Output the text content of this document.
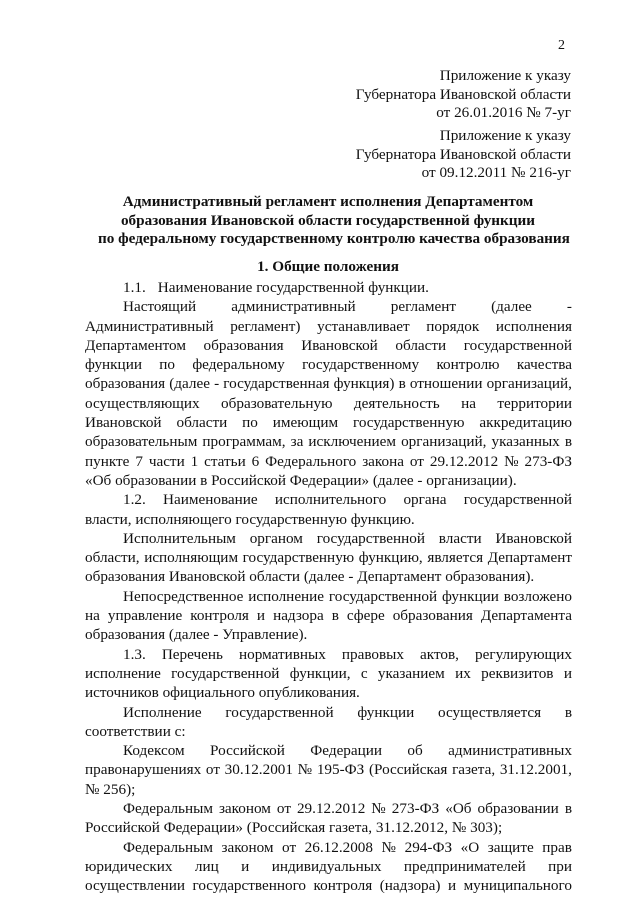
2
Приложение к указу
Губернатора Ивановской области
от 26.01.2016 № 7-уг
Приложение к указу
Губернатора Ивановской области
от 09.12.2011 № 216-уг
Административный регламент исполнения Департаментом
образования Ивановской области государственной функции
по федеральному государственному контролю качества образования
1. Общие положения
1.1. Наименование государственной функции.
Настоящий административный регламент (далее -
Административный регламент) устанавливает порядок исполнения
Департаментом образования Ивановской области государственной
функции по федеральному государственному контролю качества
образования (далее - государственная функция) в отношении организаций,
осуществляющих образовательную деятельность на территории
Ивановской области по имеющим государственную аккредитацию
образовательным программам, за исключением организаций, указанных в
пункте 7 части 1 статьи 6 Федерального закона от 29.12.2012 № 273-ФЗ
«Об образовании в Российской Федерации» (далее - организации).
1.2. Наименование исполнительного органа государственной
власти, исполняющего государственную функцию.
Исполнительным органом государственной власти Ивановской
области, исполняющим государственную функцию, является Департамент
образования Ивановской области (далее - Департамент образования).
Непосредственное исполнение государственной функции возложено
на управление контроля и надзора в сфере образования Департамента
образования (далее - Управление).
1.3. Перечень нормативных правовых актов, регулирующих
исполнение государственной функции, с указанием их реквизитов и
источников официального опубликования.
Исполнение государственной функции осуществляется в
соответствии с:
Кодексом Российской Федерации об административных
правонарушениях от 30.12.2001 № 195-ФЗ (Российская газета, 31.12.2001,
№ 256);
Федеральным законом от 29.12.2012 № 273-ФЗ «Об образовании в
Российской Федерации» (Российская газета, 31.12.2012, № 303);
Федеральным законом от 26.12.2008 № 294-ФЗ «О защите прав
юридических лиц и индивидуальных предпринимателей при
осуществлении государственного контроля (надзора) и муниципального
